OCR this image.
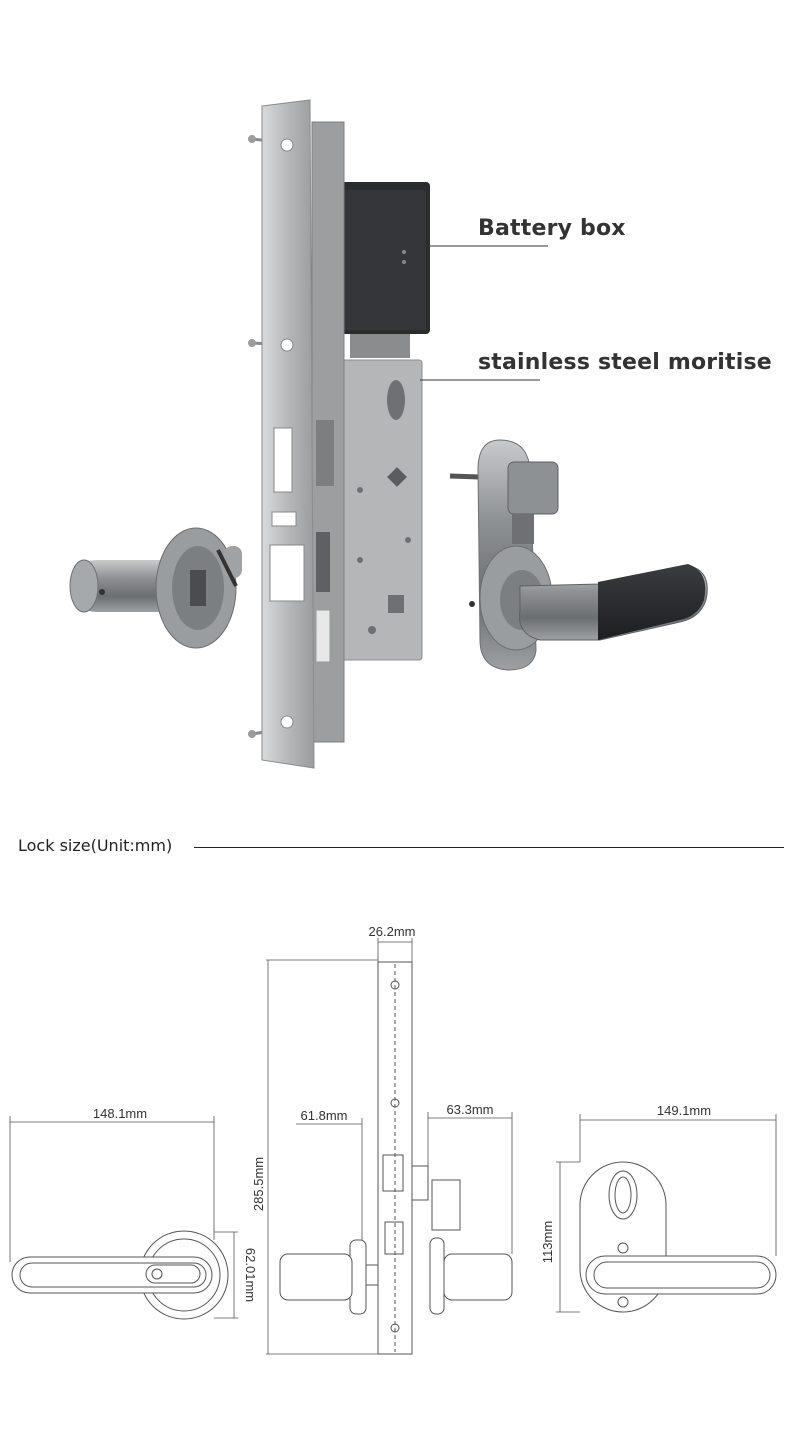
Battery box
stainless steel moritise
Lock size(Unit:mm)
148.1mm
62.01mm
61.8mm	63.3mm
26.2mm
285.5mm
149.1mm
113mm
